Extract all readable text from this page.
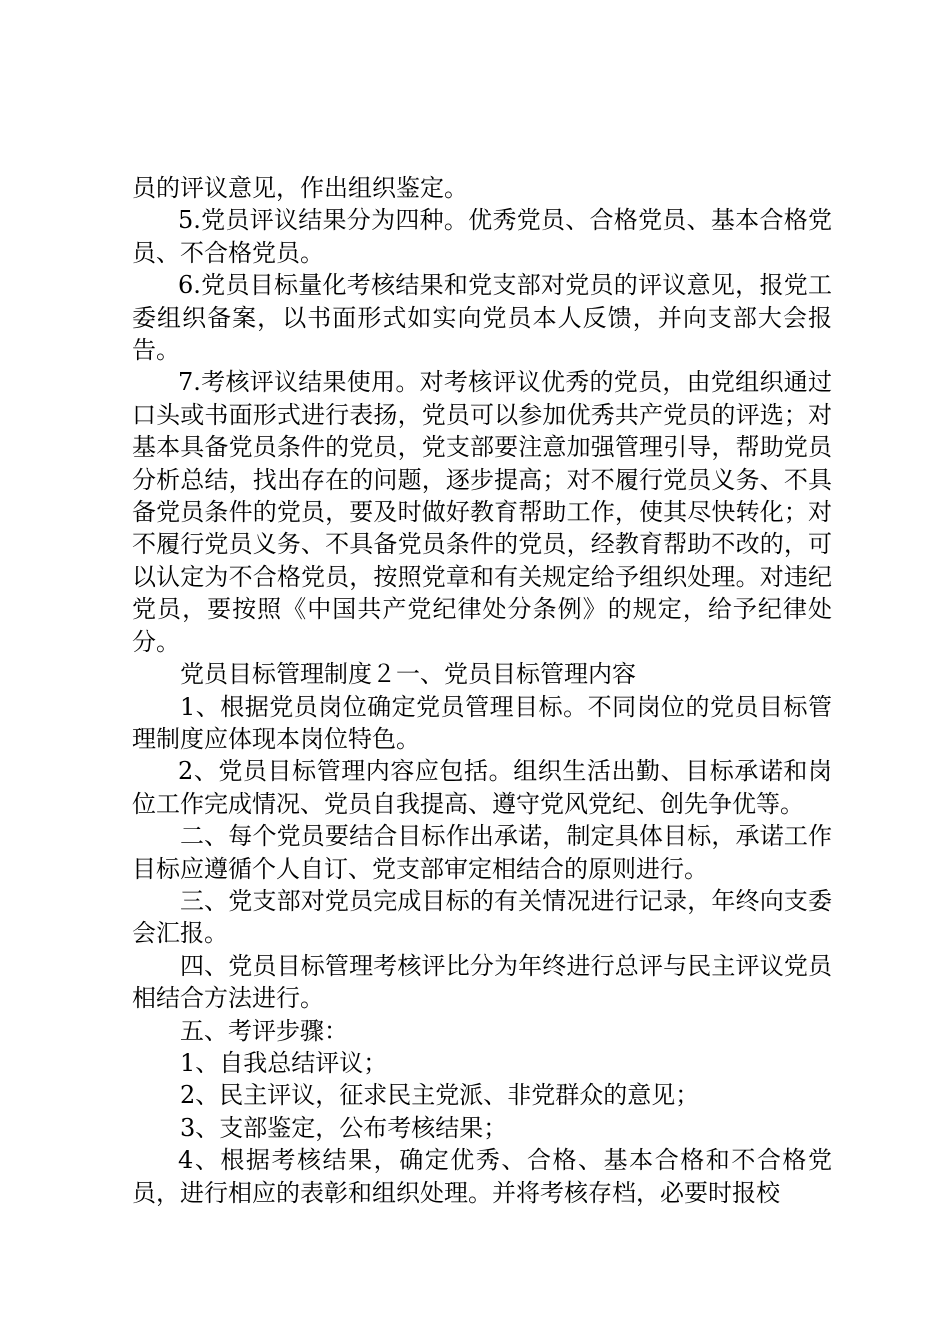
员的评议意见，作出组织鉴定。

5.党员评议结果分为四种。优秀党员、合格党员、基本合格党员、不合格党员。

6.党员目标量化考核结果和党支部对党员的评议意见，报党工委组织备案，以书面形式如实向党员本人反馈，并向支部大会报告。

7.考核评议结果使用。对考核评议优秀的党员，由党组织通过口头或书面形式进行表扬，党员可以参加优秀共产党员的评选；对基本具备党员条件的党员，党支部要注意加强管理引导，帮助党员分析总结，找出存在的问题，逐步提高；对不履行党员义务、不具备党员条件的党员，要及时做好教育帮助工作，使其尽快转化；对不履行党员义务、不具备党员条件的党员，经教育帮助不改的，可以认定为不合格党员，按照党章和有关规定给予组织处理。对违纪党员，要按照《中国共产党纪律处分条例》的规定，给予纪律处分。

党员目标管理制度２一、党员目标管理内容

1、根据党员岗位确定党员管理目标。不同岗位的党员目标管理制度应体现本岗位特色。

2、党员目标管理内容应包括。组织生活出勤、目标承诺和岗位工作完成情况、党员自我提高、遵守党风党纪、创先争优等。

二、每个党员要结合目标作出承诺，制定具体目标，承诺工作目标应遵循个人自订、党支部审定相结合的原则进行。

三、党支部对党员完成目标的有关情况进行记录，年终向支委会汇报。

四、党员目标管理考核评比分为年终进行总评与民主评议党员相结合方法进行。

五、考评步骤：

1、自我总结评议；

2、民主评议，征求民主党派、非党群众的意见；

3、支部鉴定，公布考核结果；

4、根据考核结果，确定优秀、合格、基本合格和不合格党员，进行相应的表彰和组织处理。并将考核存档，必要时报校
